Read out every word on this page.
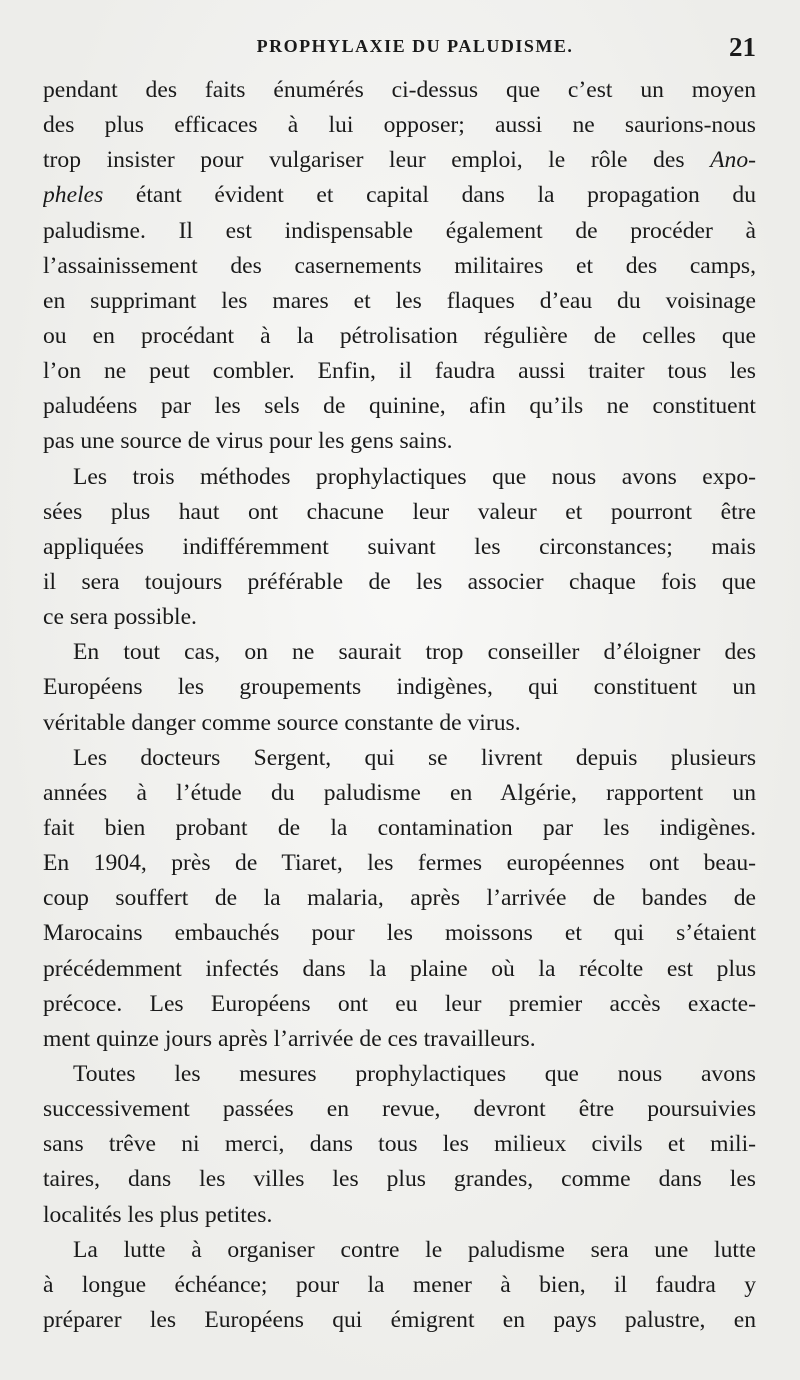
PROPHYLAXIE DU PALUDISME.	21
pendant des faits énumérés ci-dessus que c’est un moyen
des plus efficaces à lui opposer; aussi ne saurions-nous
trop insister pour vulgariser leur emploi, le rôle des Ano-
pheles étant évident et capital dans la propagation du
paludisme. Il est indispensable également de procéder à
l’assainissement des casernements militaires et des camps,
en supprimant les mares et les flaques d’eau du voisinage
ou en procédant à la pétrolisation régulière de celles que
l’on ne peut combler. Enfin, il faudra aussi traiter tous les
paludéens par les sels de quinine, afin qu’ils ne constituent
pas une source de virus pour les gens sains.
Les trois méthodes prophylactiques que nous avons expo-
sées plus haut ont chacune leur valeur et pourront être
appliquées indifféremment suivant les circonstances; mais
il sera toujours préférable de les associer chaque fois que
ce sera possible.
En tout cas, on ne saurait trop conseiller d’éloigner des
Européens les groupements indigènes, qui constituent un
véritable danger comme source constante de virus.
Les docteurs Sergent, qui se livrent depuis plusieurs
années à l’étude du paludisme en Algérie, rapportent un
fait bien probant de la contamination par les indigènes.
En 1904, près de Tiaret, les fermes européennes ont beau-
coup souffert de la malaria, après l’arrivée de bandes de
Marocains embauchés pour les moissons et qui s’étaient
précédemment infectés dans la plaine où la récolte est plus
précoce. Les Européens ont eu leur premier accès exacte-
ment quinze jours après l’arrivée de ces travailleurs.
Toutes les mesures prophylactiques que nous avons
successivement passées en revue, devront être poursuivies
sans trêve ni merci, dans tous les milieux civils et mili-
taires, dans les villes les plus grandes, comme dans les
localités les plus petites.
La lutte à organiser contre le paludisme sera une lutte
à longue échéance; pour la mener à bien, il faudra y
préparer les Européens qui émigrent en pays palustre, en
